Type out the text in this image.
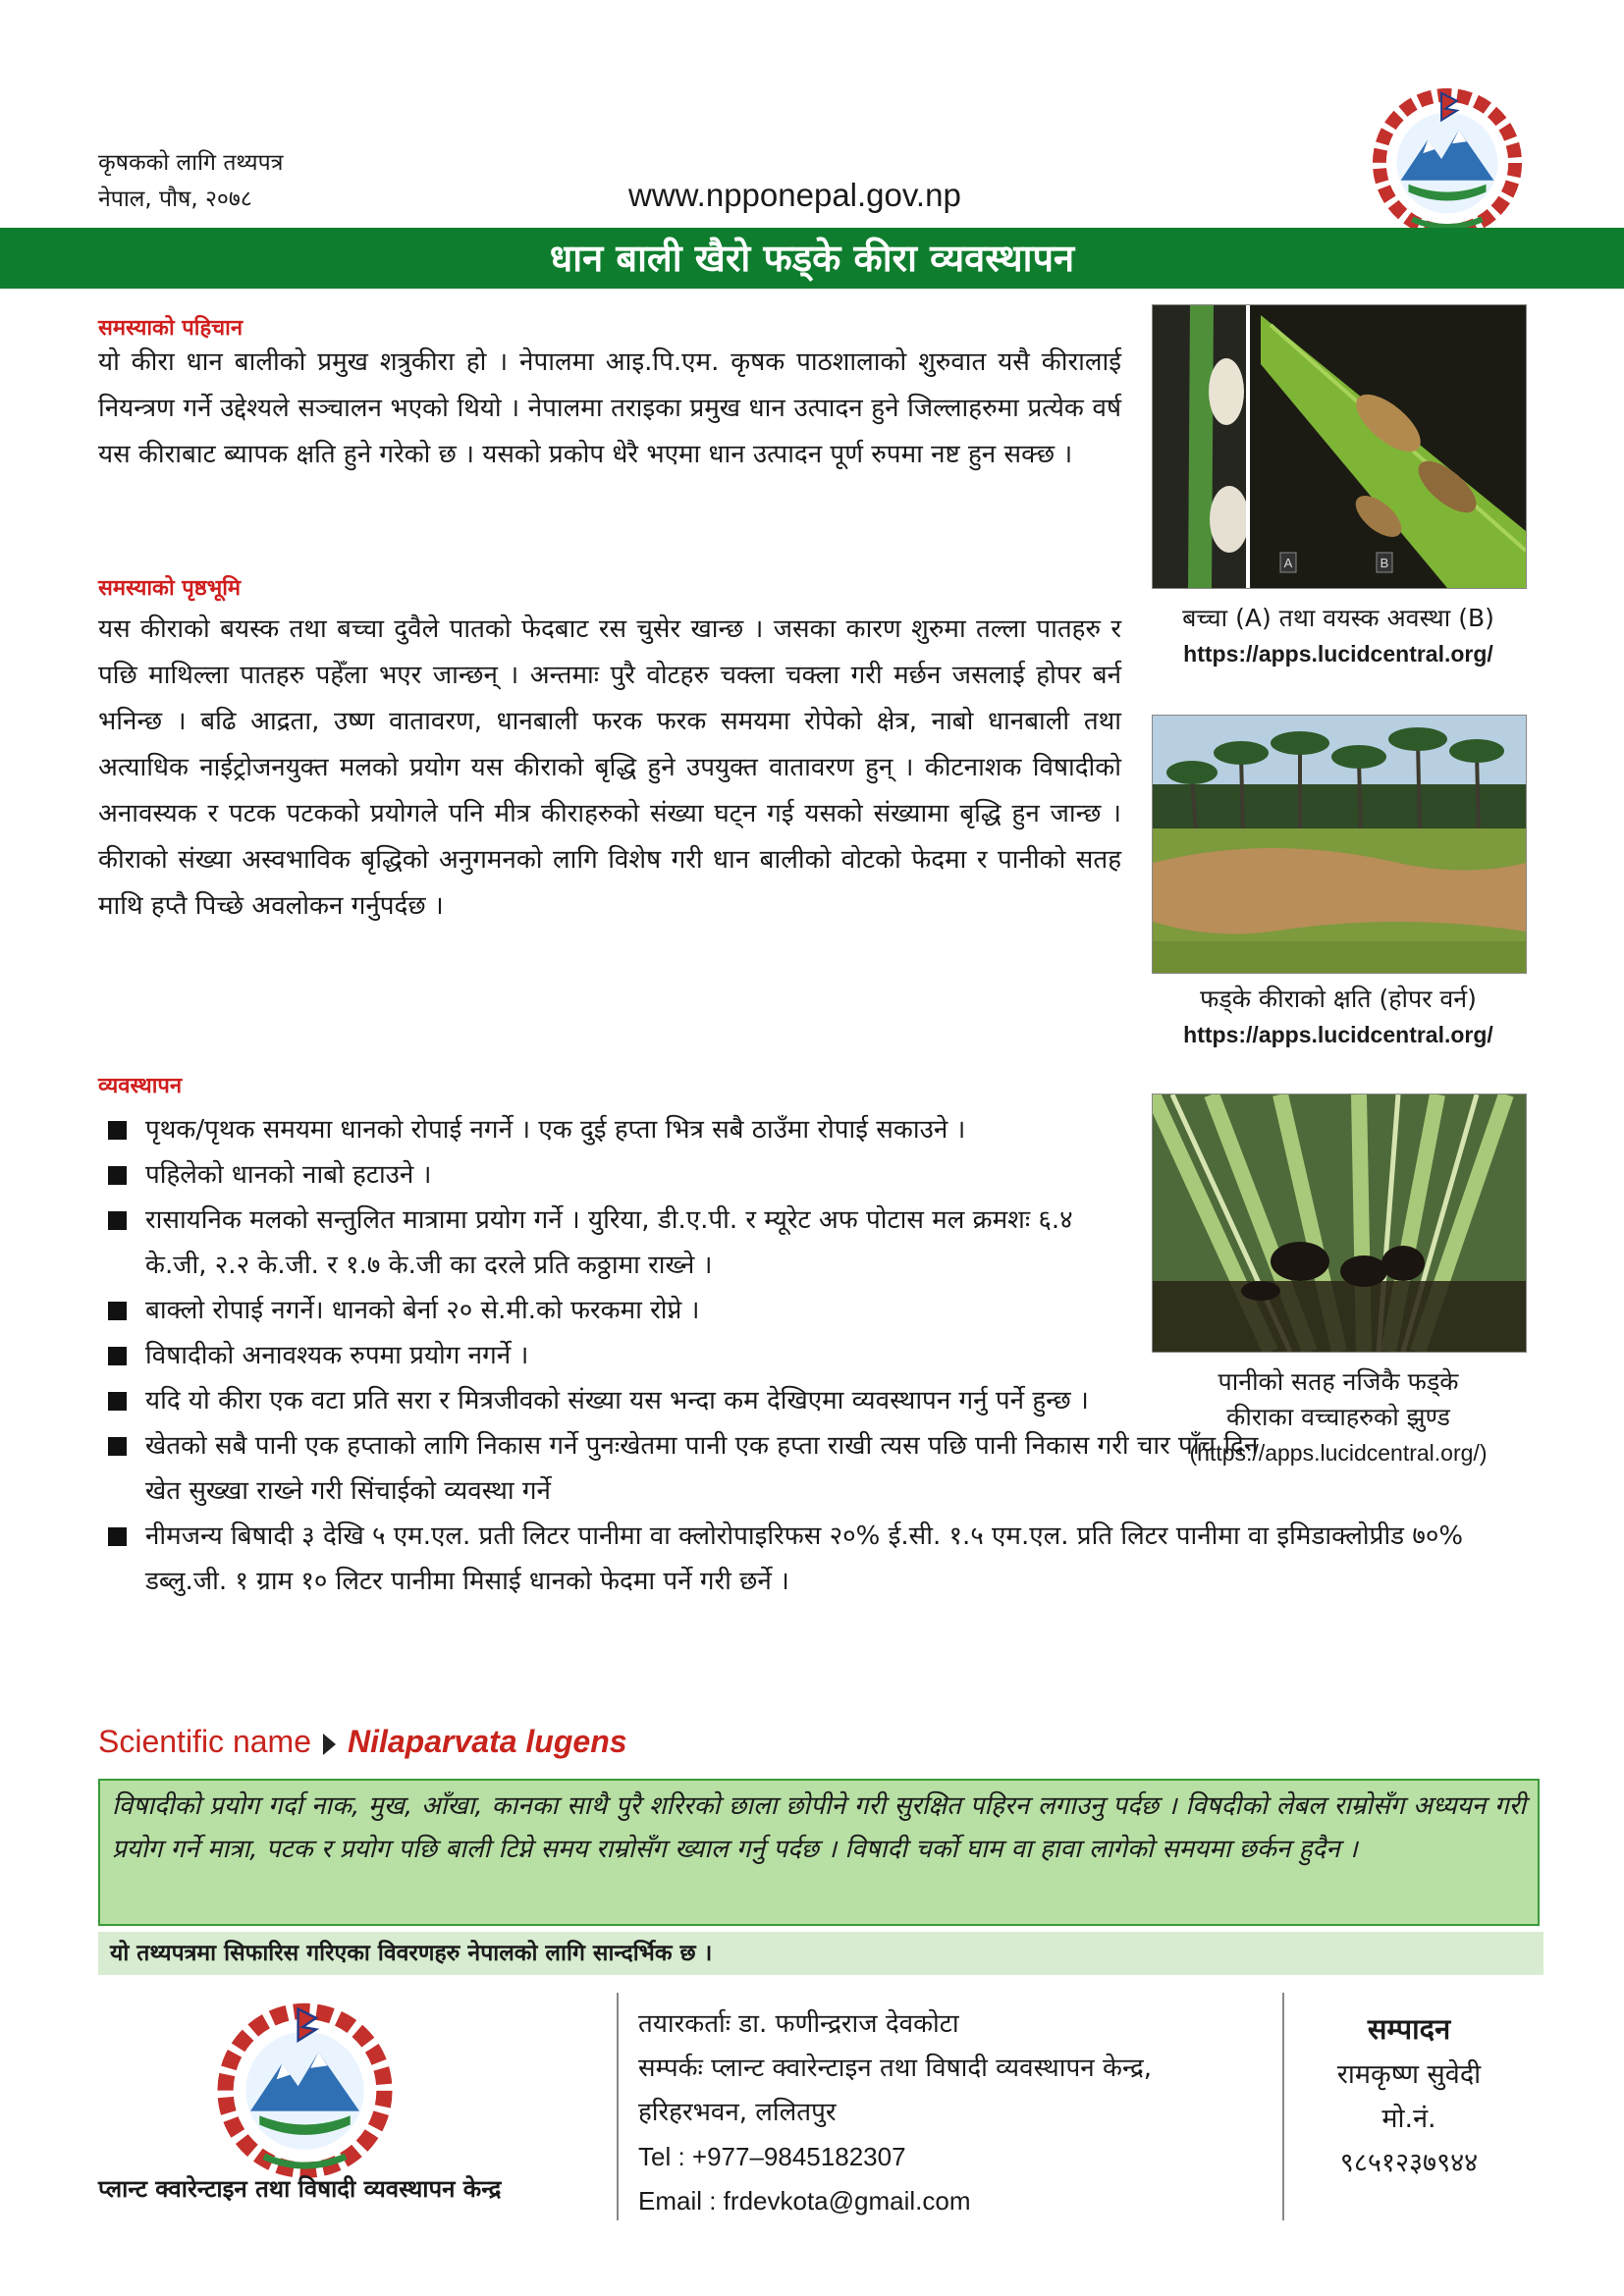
कृषकको लागि तथ्यपत्र
नेपाल, पौष, २०७८	www.npponepal.gov.np
धान बाली खैरो फड्के कीरा व्यवस्थापन
समस्याको पहिचान
यो कीरा धान बालीको प्रमुख शत्रुकीरा हो । नेपालमा आइ.पि.एम. कृषक पाठशालाको शुरुवात यसै कीरालाई नियन्त्रण गर्ने उद्देश्यले सञ्चालन भएको थियो । नेपालमा तराइका प्रमुख धान उत्पादन हुने जिल्लाहरुमा प्रत्येक वर्ष यस कीराबाट ब्यापक क्षति हुने गरेको छ । यसको प्रकोप धेरै भएमा धान उत्पादन पूर्ण रुपमा नष्ट हुन सक्छ ।
समस्याको पृष्ठभूमि
यस कीराको बयस्क तथा बच्चा दुवैले पातको फेदबाट रस चुसेर खान्छ । जसका कारण शुरुमा तल्ला पातहरु र पछि माथिल्ला पातहरु पहेँला भएर जान्छन् । अन्तमाः पुरै वोटहरु चक्ला चक्ला गरी मर्छन जसलाई होपर बर्न भनिन्छ । बढि आद्रता, उष्ण वातावरण, धानबाली फरक फरक समयमा रोपेको क्षेत्र, नाबो धानबाली तथा अत्याधिक नाईट्रोजनयुक्त मलको प्रयोग यस कीराको बृद्धि हुने उपयुक्त वातावरण हुन् । कीटनाशक विषादीको अनावस्यक र पटक पटकको प्रयोगले पनि मीत्र कीराहरुको संख्या घट्न गई यसको संख्यामा बृद्धि हुन जान्छ । कीराको संख्या अस्वभाविक बृद्धिको अनुगमनको लागि विशेष गरी धान बालीको वोटको फेदमा र पानीको सतह माथि हप्तै पिच्छे अवलोकन गर्नुपर्दछ ।
A	B
बच्चा (A) तथा वयस्क अवस्था (B)
https://apps.lucidcentral.org/
फड्के कीराको क्षति (होपर वर्न)
https://apps.lucidcentral.org/
व्यवस्थापन
पानीको सतह नजिकै फड्के
कीराका वच्चाहरुको झुण्ड
(https://apps.lucidcentral.org/)
पृथक/पृथक समयमा धानको रोपाई नगर्ने । एक दुई हप्ता भित्र सबै ठाउँमा रोपाई सकाउने ।
पहिलेको धानको नाबो हटाउने ।
रासायनिक मलको सन्तुलित मात्रामा प्रयोग गर्ने । युरिया, डी.ए.पी. र म्यूरेट अफ पोटास मल क्रमशः ६.४ के.जी, २.२ के.जी. र १.७ के.जी का दरले प्रति कठ्ठामा राख्ने ।
बाक्लो रोपाई नगर्ने। धानको बेर्ना २० से.मी.को फरकमा रोप्ने ।
विषादीको अनावश्यक रुपमा प्रयोग नगर्ने ।
यदि यो कीरा एक वटा प्रति सरा र मित्रजीवको संख्या यस भन्दा कम देखिएमा व्यवस्थापन गर्नु पर्ने हुन्छ ।
खेतको सबै पानी एक हप्ताको लागि निकास गर्ने पुनःखेतमा पानी एक हप्ता राखी त्यस पछि पानी निकास गरी चार पाँच दिन खेत सुख्खा राख्ने गरी सिंचाईको व्यवस्था गर्ने
नीमजन्य बिषादी ३ देखि ५ एम.एल. प्रती लिटर पानीमा वा क्लोरोपाइरिफस २०% ई.सी. १.५ एम.एल. प्रति लिटर पानीमा वा इमिडाक्लोप्रीड ७०% डब्लु.जी. १ ग्राम १० लिटर पानीमा मिसाई धानको फेदमा पर्ने गरी छर्ने ।
Scientific name Nilaparvata lugens
विषादीको प्रयोग गर्दा नाक, मुख, आँखा, कानका साथै पुरै शरिरको छाला छोपीने गरी सुरक्षित पहिरन लगाउनु पर्दछ । विषदीको लेबल राम्रोसँग अध्ययन गरी प्रयोग गर्ने मात्रा, पटक र प्रयोग पछि बाली टिप्ने समय राम्रोसँग ख्याल गर्नु पर्दछ । विषादी चर्को घाम वा हावा लागेको समयमा छर्कन हुदैन ।
यो तथ्यपत्रमा सिफारिस गरिएका विवरणहरु नेपालको लागि सान्दर्भिक छ ।
प्लान्ट क्वारेन्टाइन तथा विषादी व्यवस्थापन केन्द्र
तयारकर्ताः डा. फणीन्द्रराज देवकोटा
सम्पर्कः प्लान्ट क्वारेन्टाइन तथा विषादी व्यवस्थापन केन्द्र,
हरिहरभवन, ललितपुर
Tel : +977–9845182307
Email : frdevkota@gmail.com
सम्पादन
रामकृष्ण सुवेदी
मो.नं.
९८५१२३७९४४
